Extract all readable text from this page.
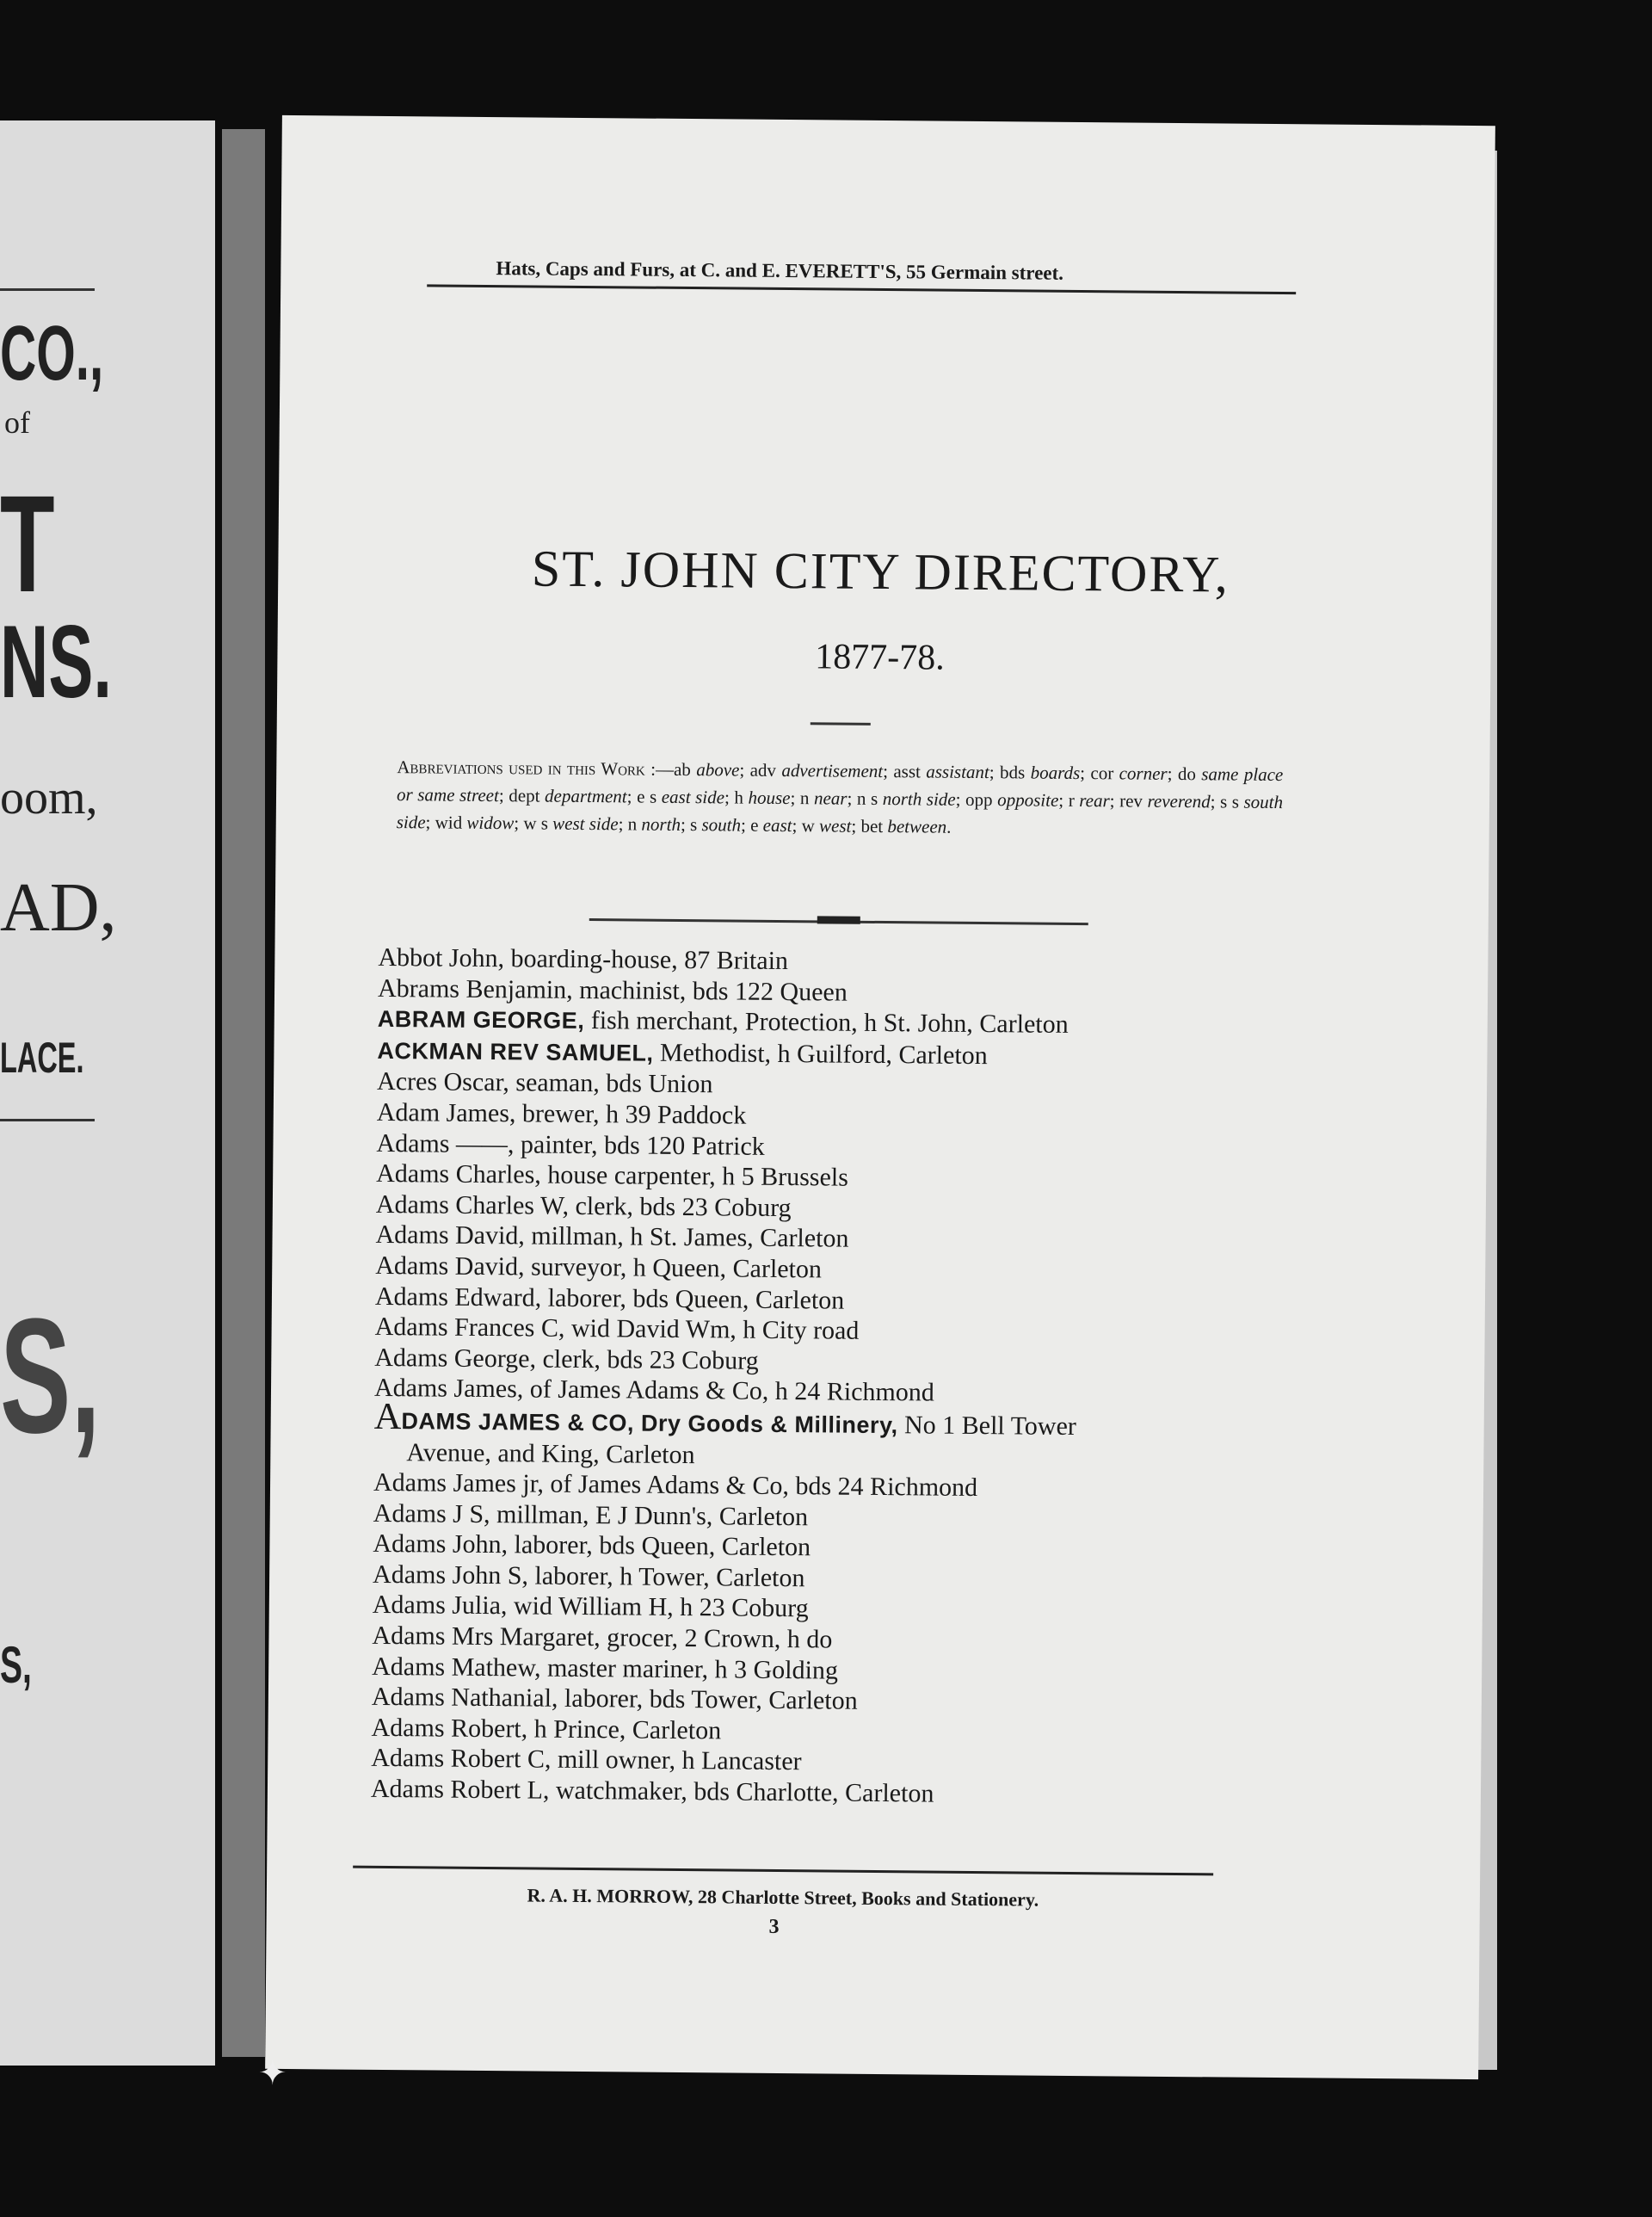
CO.,
of
T
NS.
oom,
AD,
LACE.
S,
S,
Hats, Caps and Furs, at C. and E. EVERETT'S, 55 Germain street.
ST. JOHN CITY DIRECTORY,
1877-78.
Abbreviations used in this Work :—ab above; adv advertisement; asst assistant; bds boards; cor corner; do same place or same street; dept department; e s east side; h house; n near; n s north side; opp opposite; r rear; rev reverend; s s south side; wid widow; w s west side; n north; s south; e east; w west; bet between.
Abbot John, boarding-house, 87 Britain
Abrams Benjamin, machinist, bds 122 Queen
ABRAM GEORGE, fish merchant, Protection, h St. John, Carleton
ACKMAN REV SAMUEL, Methodist, h Guilford, Carleton
Acres Oscar, seaman, bds Union
Adam James, brewer, h 39 Paddock
Adams ——, painter, bds 120 Patrick
Adams Charles, house carpenter, h 5 Brussels
Adams Charles W, clerk, bds 23 Coburg
Adams David, millman, h St. James, Carleton
Adams David, surveyor, h Queen, Carleton
Adams Edward, laborer, bds Queen, Carleton
Adams Frances C, wid David Wm, h City road
Adams George, clerk, bds 23 Coburg
Adams James, of James Adams & Co, h 24 Richmond
ADAMS JAMES & CO, Dry Goods & Millinery, No 1 Bell Tower
Avenue, and King, Carleton
Adams James jr, of James Adams & Co, bds 24 Richmond
Adams J S, millman, E J Dunn's, Carleton
Adams John, laborer, bds Queen, Carleton
Adams John S, laborer, h Tower, Carleton
Adams Julia, wid William H, h 23 Coburg
Adams Mrs Margaret, grocer, 2 Crown, h do
Adams Mathew, master mariner, h 3 Golding
Adams Nathanial, laborer, bds Tower, Carleton
Adams Robert, h Prince, Carleton
Adams Robert C, mill owner, h Lancaster
Adams Robert L, watchmaker, bds Charlotte, Carleton
R. A. H. MORROW, 28 Charlotte Street, Books and Stationery.
3
✦
